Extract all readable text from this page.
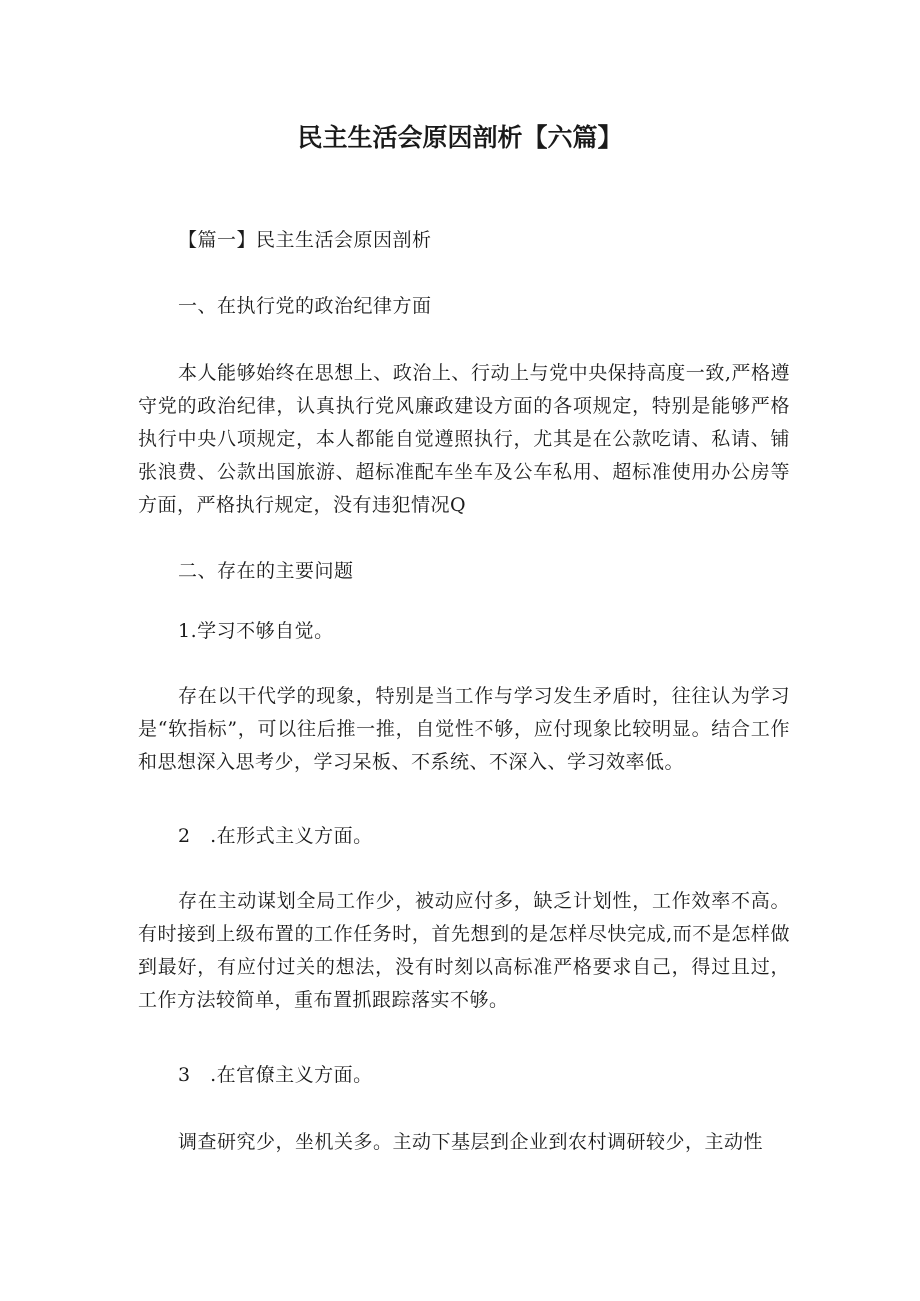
民主生活会原因剖析【六篇】

【篇一】民主生活会原因剖析

一、在执行党的政治纪律方面

本人能够始终在思想上、政治上、行动上与党中央保持高度一致,严格遵守党的政治纪律，认真执行党风廉政建设方面的各项规定，特别是能够严格执行中央八项规定，本人都能自觉遵照执行，尤其是在公款吃请、私请、铺张浪费、公款出国旅游、超标准配车坐车及公车私用、超标准使用办公房等方面，严格执行规定，没有违犯情况Q

二、存在的主要问题

1.学习不够自觉。

存在以干代学的现象，特别是当工作与学习发生矛盾时，往往认为学习是“软指标”，可以往后推一推，自觉性不够，应付现象比较明显。结合工作和思想深入思考少，学习呆板、不系统、不深入、学习效率低。

2　.在形式主义方面。

存在主动谋划全局工作少，被动应付多，缺乏计划性，工作效率不高。有时接到上级布置的工作任务时，首先想到的是怎样尽快完成,而不是怎样做到最好，有应付过关的想法，没有时刻以高标准严格要求自己，得过且过，工作方法较简单，重布置抓跟踪落实不够。

3　.在官僚主义方面。

调查研究少，坐机关多。主动下基层到企业到农村调研较少，主动性
